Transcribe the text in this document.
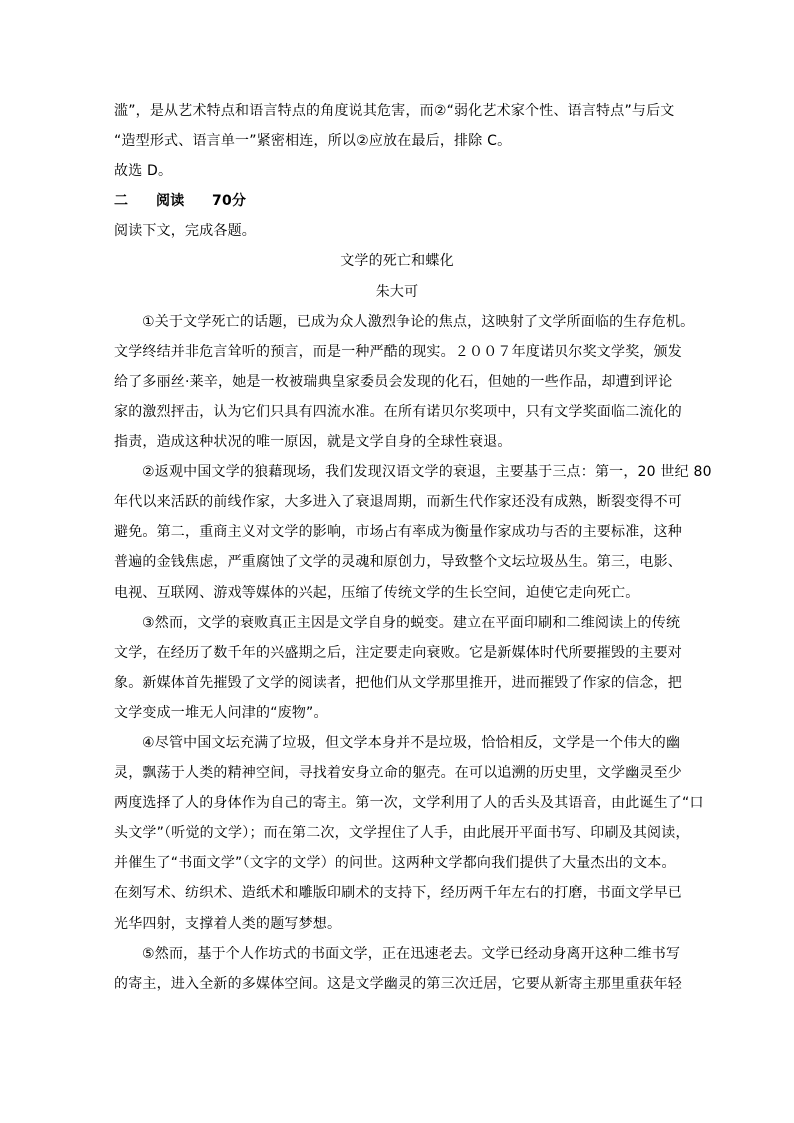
滥”，是从艺术特点和语言特点的角度说其危害，而②“弱化艺术家个性、语言特点”与后文

“造型形式、语言单一”紧密相连，所以②应放在最后，排除 C。

故选 D。

二 阅读 70分

阅读下文，完成各题。

文学的死亡和蝶化

朱大可

①关于文学死亡的话题，已成为众人激烈争论的焦点，这映射了文学所面临的生存危机。

文学终结并非危言耸听的预言，而是一种严酷的现实。２００７年度诺贝尔奖文学奖，颁发

给了多丽丝·莱辛，她是一枚被瑞典皇家委员会发现的化石，但她的一些作品，却遭到评论

家的激烈抨击，认为它们只具有四流水准。在所有诺贝尔奖项中，只有文学奖面临二流化的

指责，造成这种状况的唯一原因，就是文学自身的全球性衰退。

②返观中国文学的狼藉现场，我们发现汉语文学的衰退，主要基于三点：第一，20 世纪 80

年代以来活跃的前线作家，大多进入了衰退周期，而新生代作家还没有成熟，断裂变得不可

避免。第二，重商主义对文学的影响，市场占有率成为衡量作家成功与否的主要标准，这种

普遍的金钱焦虑，严重腐蚀了文学的灵魂和原创力，导致整个文坛垃圾丛生。第三，电影、

电视、互联网、游戏等媒体的兴起，压缩了传统文学的生长空间，迫使它走向死亡。

③然而，文学的衰败真正主因是文学自身的蜕变。建立在平面印刷和二维阅读上的传统

文学，在经历了数千年的兴盛期之后，注定要走向衰败。它是新媒体时代所要摧毁的主要对

象。新媒体首先摧毁了文学的阅读者，把他们从文学那里推开，进而摧毁了作家的信念，把

文学变成一堆无人问津的“废物”。

④尽管中国文坛充满了垃圾，但文学本身并不是垃圾，恰恰相反，文学是一个伟大的幽

灵，飘荡于人类的精神空间，寻找着安身立命的躯壳。在可以追溯的历史里，文学幽灵至少

两度选择了人的身体作为自己的寄主。第一次，文学利用了人的舌头及其语音，由此诞生了“口

头文学”（听觉的文学）；而在第二次，文学捏住了人手，由此展开平面书写、印刷及其阅读，

并催生了“书面文学”（文字的文学）的问世。这两种文学都向我们提供了大量杰出的文本。

在刻写术、纺织术、造纸术和雕版印刷术的支持下，经历两千年左右的打磨，书面文学早已

光华四射，支撑着人类的题写梦想。

⑤然而，基于个人作坊式的书面文学，正在迅速老去。文学已经动身离开这种二维书写

的寄主，进入全新的多媒体空间。这是文学幽灵的第三次迁居，它要从新寄主那里重获年轻
